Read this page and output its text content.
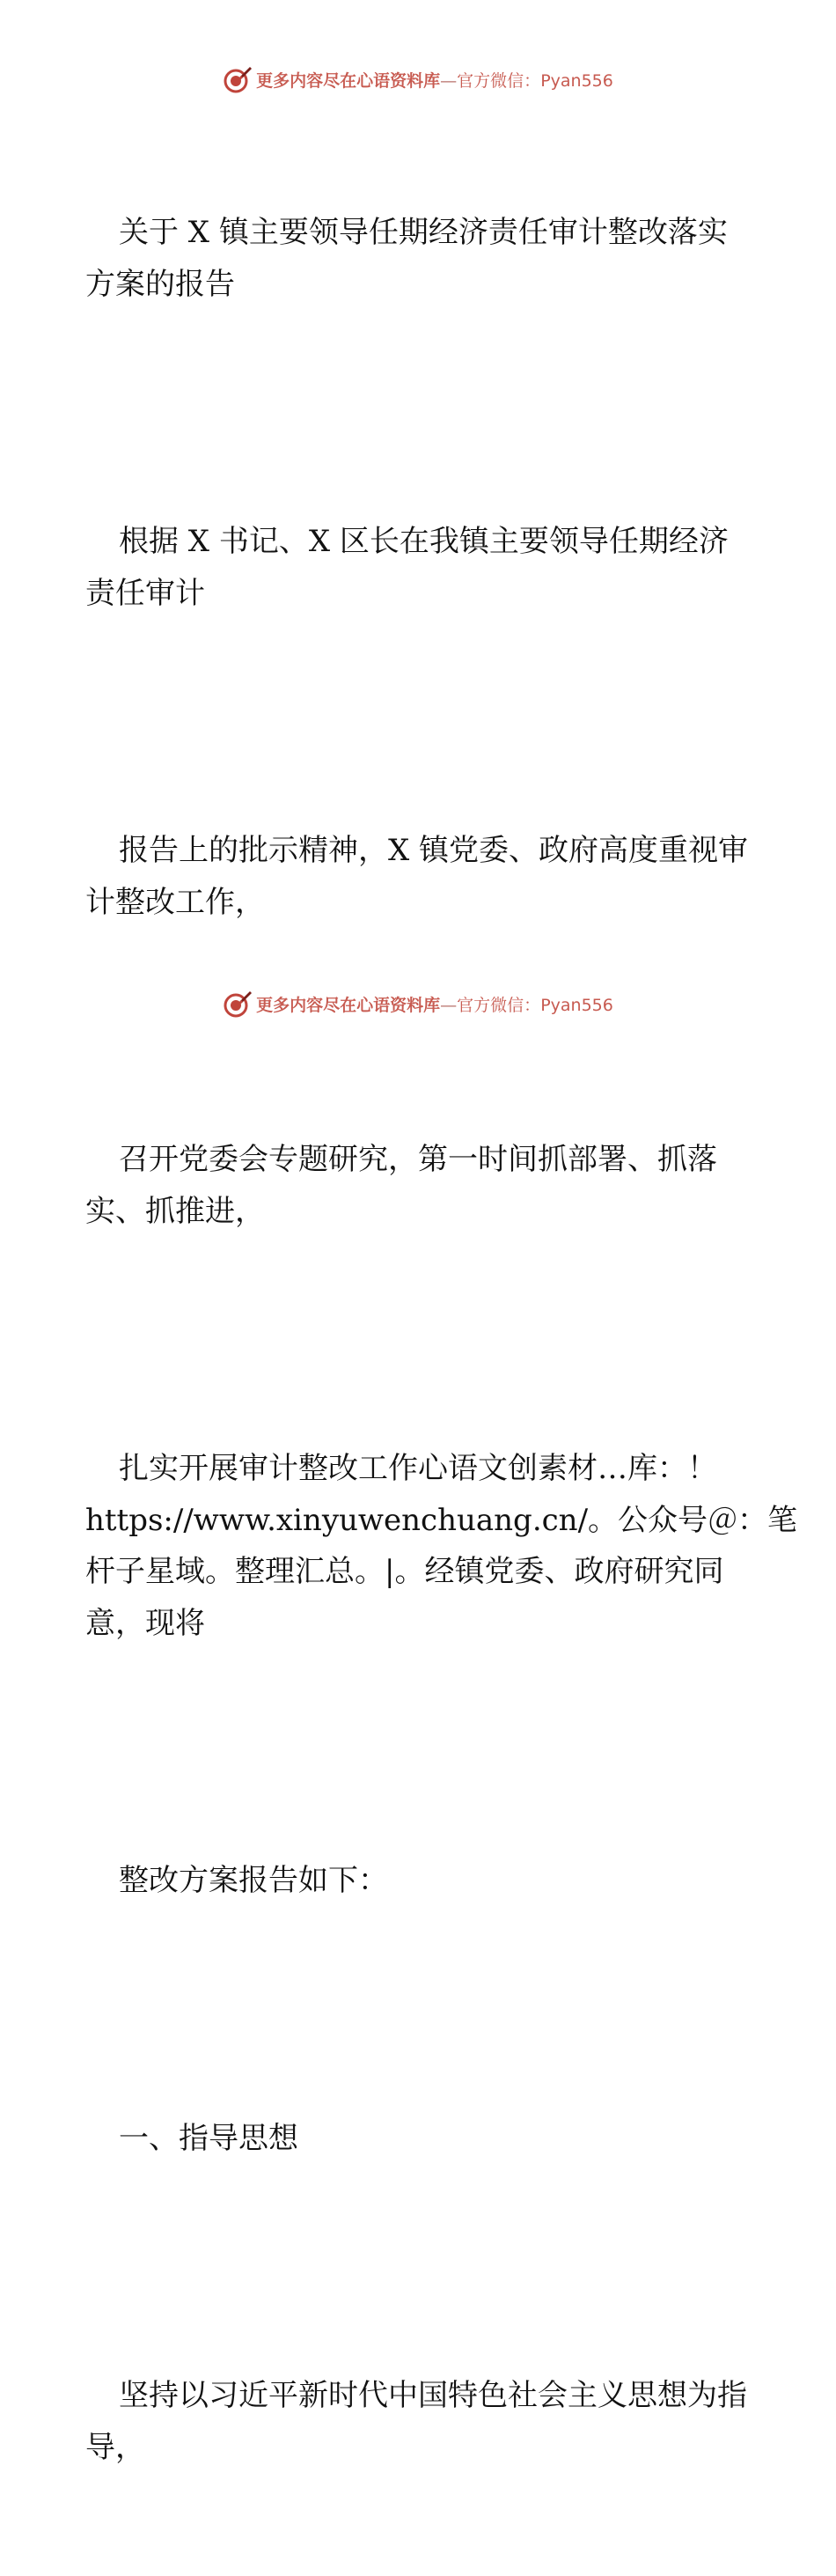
更多内容尽在心语资料库—官方微信：Pyan556

关于 X 镇主要领导任期经济责任审计整改落实
方案的报告

根据 X 书记、X 区长在我镇主要领导任期经济
责任审计

报告上的批示精神，X 镇党委、政府高度重视审
计整改工作，

召开党委会专题研究，第一时间抓部署、抓落
实、抓推进，

扎实开展审计整改工作心语文创素材…库：！
https://www.xinyuwenchuang.cn/。公众号＠：笔
杆子星域。整理汇总。|。经镇党委、政府研究同
意，现将

整改方案报告如下：

一、指导思想

坚持以习近平新时代中国特色社会主义思想为指
导，

更多内容尽在心语资料库—官方微信：Pyan556
